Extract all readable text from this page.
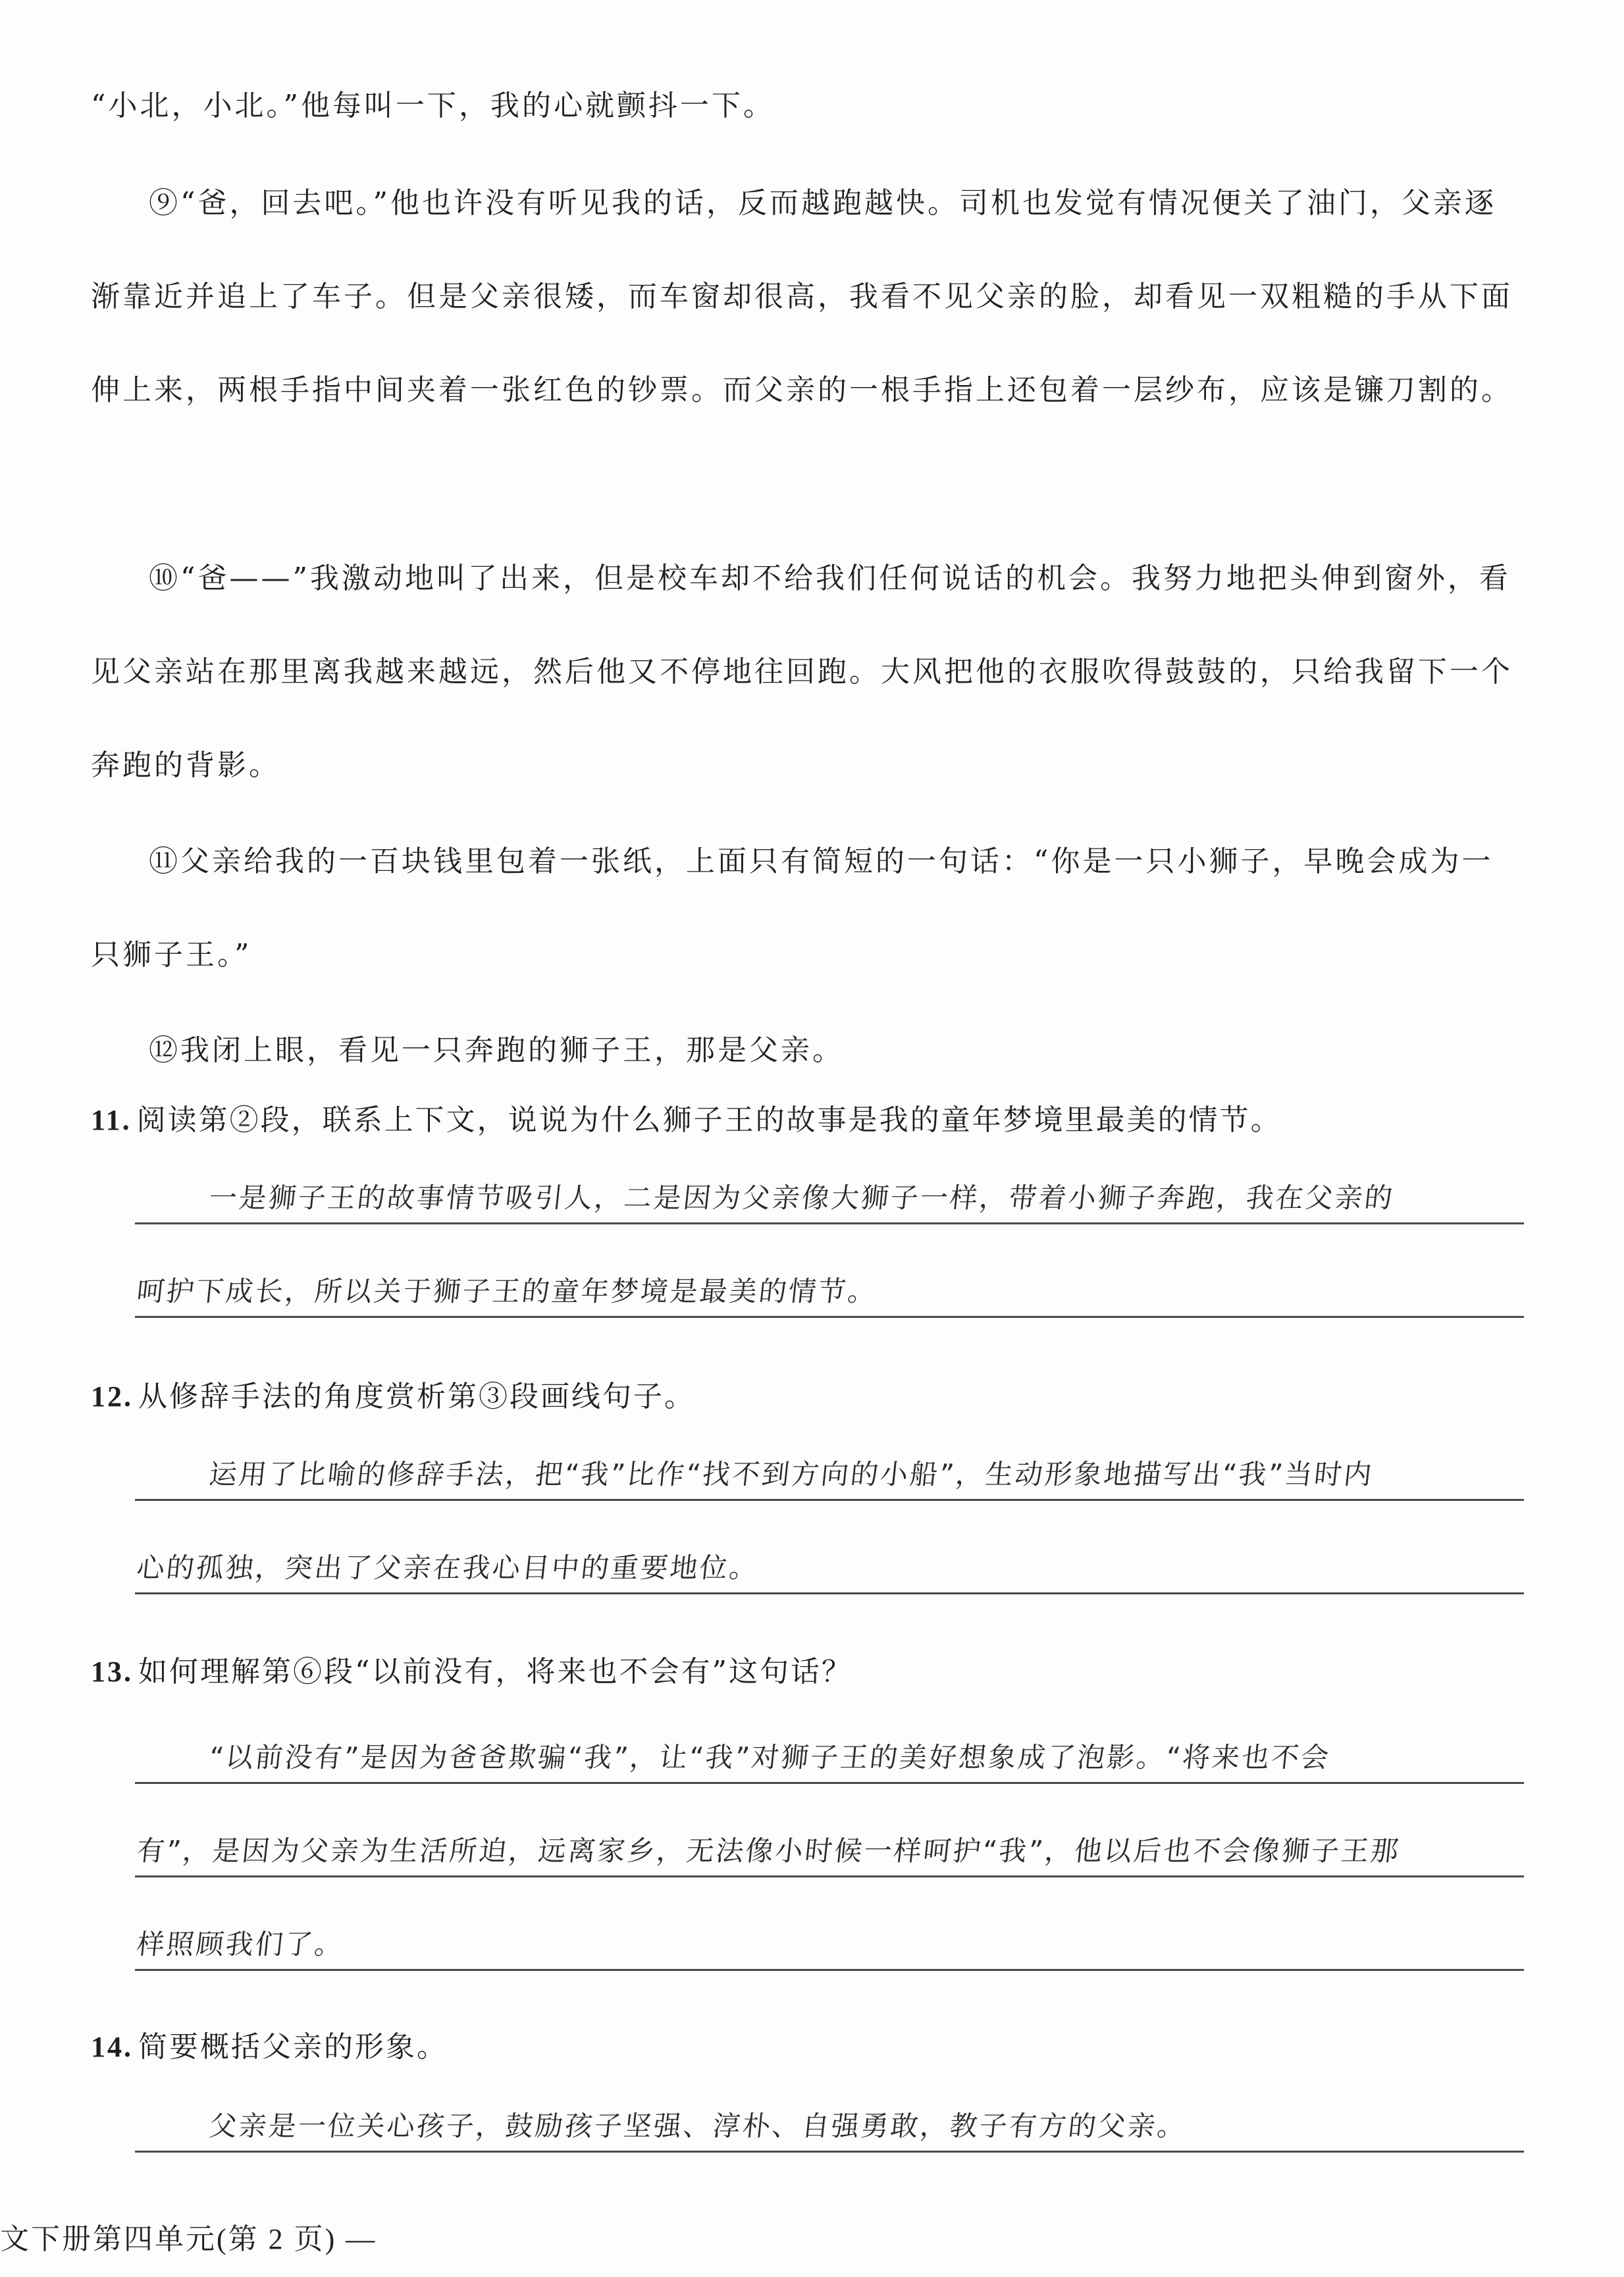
“小北，小北。”他每叫一下，我的心就颤抖一下。

⑨“爸，回去吧。”他也许没有听见我的话，反而越跑越快。司机也发觉有情况便关了油门，父亲逐渐靠近并追上了车子。但是父亲很矮，而车窗却很高，我看不见父亲的脸，却看见一双粗糙的手从下面伸上来，两根手指中间夹着一张红色的钞票。而父亲的一根手指上还包着一层纱布，应该是镰刀割的。

⑩“爸——”我激动地叫了出来，但是校车却不给我们任何说话的机会。我努力地把头伸到窗外，看见父亲站在那里离我越来越远，然后他又不停地往回跑。大风把他的衣服吹得鼓鼓的，只给我留下一个奔跑的背影。

⑪父亲给我的一百块钱里包着一张纸，上面只有简短的一句话：“你是一只小狮子，早晚会成为一只狮子王。”

⑫我闭上眼，看见一只奔跑的狮子王，那是父亲。

11. 阅读第②段，联系上下文，说说为什么狮子王的故事是我的童年梦境里最美的情节。
一是狮子王的故事情节吸引人，二是因为父亲像大狮子一样，带着小狮子奔跑，我在父亲的
呵护下成长，所以关于狮子王的童年梦境是最美的情节。
12. 从修辞手法的角度赏析第③段画线句子。
运用了比喻的修辞手法，把“我”比作“找不到方向的小船”，生动形象地描写出“我”当时内
心的孤独，突出了父亲在我心目中的重要地位。
13. 如何理解第⑥段“以前没有，将来也不会有”这句话？
“以前没有”是因为爸爸欺骗“我”，让“我”对狮子王的美好想象成了泡影。“将来也不会
有”，是因为父亲为生活所迫，远离家乡，无法像小时候一样呵护“我”，他以后也不会像狮子王那
样照顾我们了。
14. 简要概括父亲的形象。
父亲是一位关心孩子，鼓励孩子坚强、淳朴、自强勇敢，教子有方的父亲。
文下册第四单元(第 2 页) —
